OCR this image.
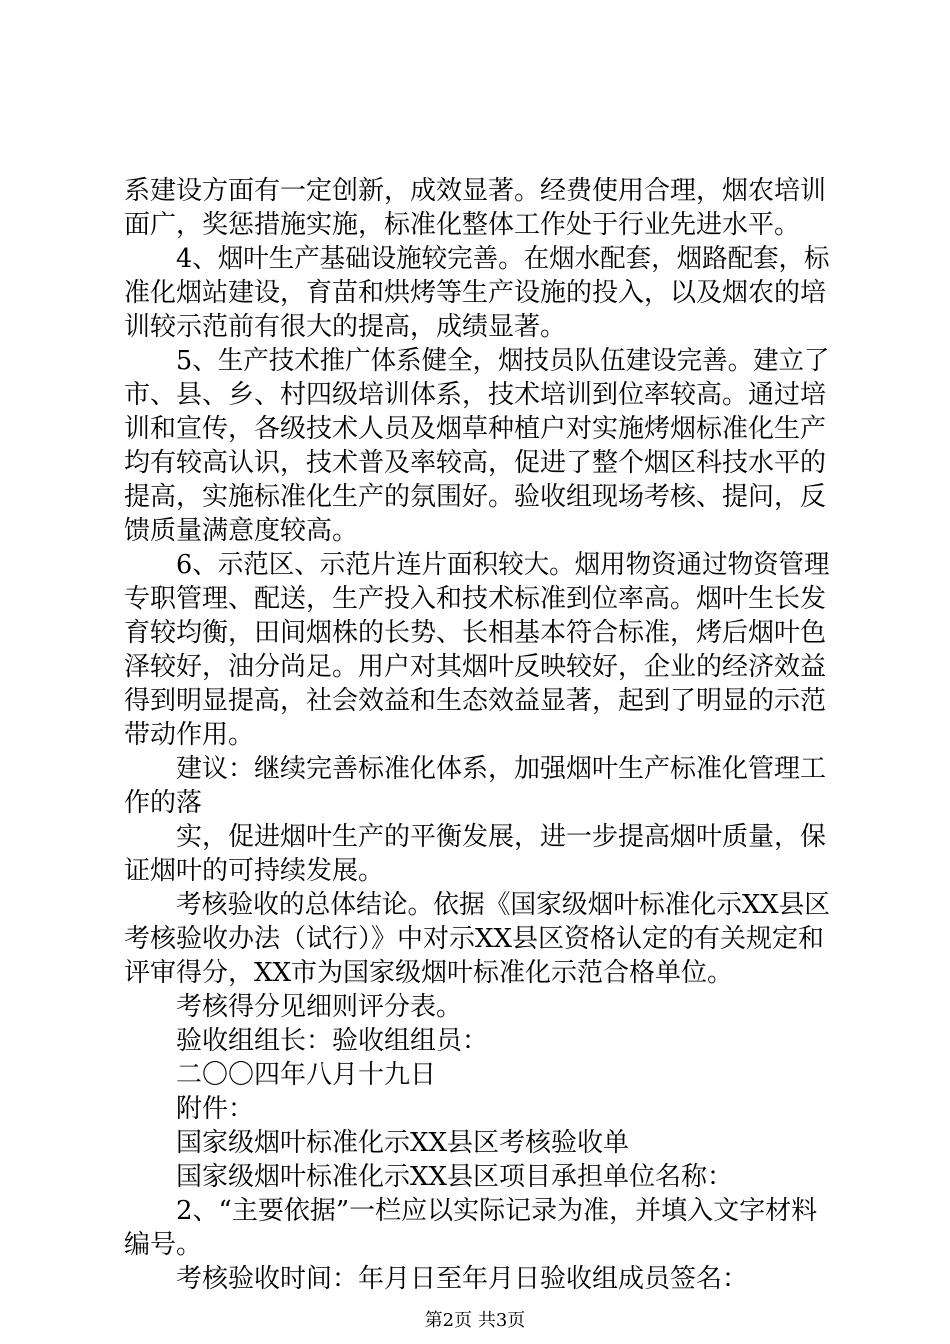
系建设方面有一定创新，成效显著。经费使用合理，烟农培训
面广，奖惩措施实施，标准化整体工作处于行业先进水平。
4、烟叶生产基础设施较完善。在烟水配套，烟路配套，标
准化烟站建设，育苗和烘烤等生产设施的投入，以及烟农的培
训较示范前有很大的提高，成绩显著。
5、生产技术推广体系健全，烟技员队伍建设完善。建立了
市、县、乡、村四级培训体系，技术培训到位率较高。通过培
训和宣传，各级技术人员及烟草种植户对实施烤烟标准化生产
均有较高认识，技术普及率较高，促进了整个烟区科技水平的
提高，实施标准化生产的氛围好。验收组现场考核、提问，反
馈质量满意度较高。
6、示范区、示范片连片面积较大。烟用物资通过物资管理
专职管理、配送，生产投入和技术标准到位率高。烟叶生长发
育较均衡，田间烟株的长势、长相基本符合标准，烤后烟叶色
泽较好，油分尚足。用户对其烟叶反映较好，企业的经济效益
得到明显提高，社会效益和生态效益显著，起到了明显的示范
带动作用。
建议：继续完善标准化体系，加强烟叶生产标准化管理工
作的落
实，促进烟叶生产的平衡发展，进一步提高烟叶质量，保
证烟叶的可持续发展。
考核验收的总体结论。依据《国家级烟叶标准化示XX县区
考核验收办法（试行）》中对示XX县区资格认定的有关规定和
评审得分，XX市为国家级烟叶标准化示范合格单位。
考核得分见细则评分表。
验收组组长：验收组组员：
二〇〇四年八月十九日
附件：
国家级烟叶标准化示XX县区考核验收单
国家级烟叶标准化示XX县区项目承担单位名称：
2、“主要依据”一栏应以实际记录为准，并填入文字材料
编号。
考核验收时间：年月日至年月日验收组成员签名：
第2页 共3页
